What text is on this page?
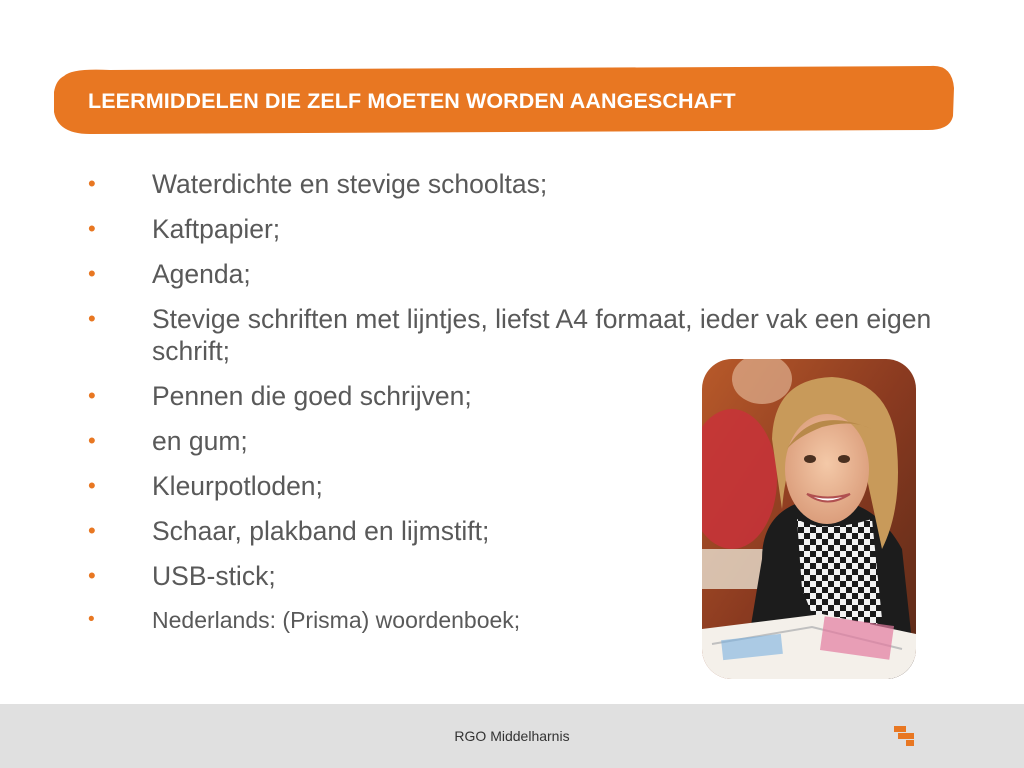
LEERMIDDELEN DIE ZELF MOETEN WORDEN AANGESCHAFT
• Waterdichte en stevige schooltas;
• Kaftpapier;
• Agenda;
• Stevige schriften met lijntjes, liefst A4 formaat, ieder vak een eigen schrift;
• Pennen die goed schrijven;
• en gum;
• Kleurpotloden;
• Schaar, plakband en lijmstift;
• USB-stick;
• Nederlands: (Prisma) woordenboek;
RGO Middelharnis
